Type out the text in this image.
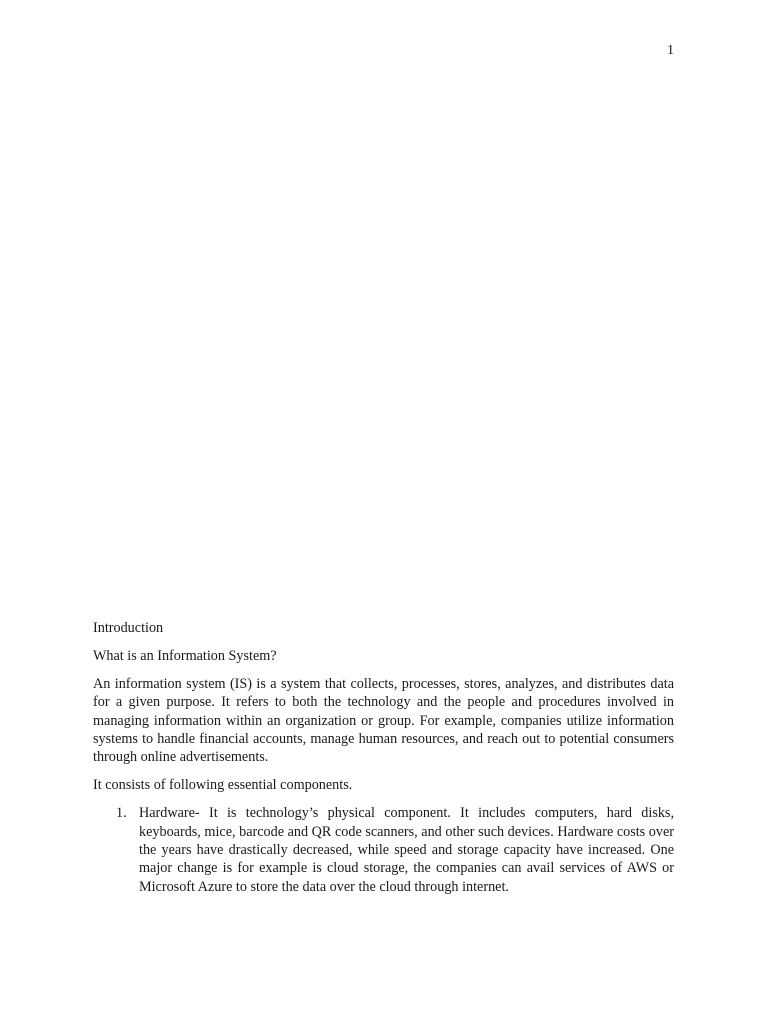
1

Introduction

What is an Information System?

An information system (IS) is a system that collects, processes, stores, analyzes, and distributes data for a given purpose. It refers to both the technology and the people and procedures involved in managing information within an organization or group. For example, companies utilize information systems to handle financial accounts, manage human resources, and reach out to potential consumers through online advertisements.

It consists of following essential components.

1. Hardware- It is technology’s physical component. It includes computers, hard disks, keyboards, mice, barcode and QR code scanners, and other such devices. Hardware costs over the years have drastically decreased, while speed and storage capacity have increased. One major change is for example is cloud storage, the companies can avail services of AWS or Microsoft Azure to store the data over the cloud through internet.
